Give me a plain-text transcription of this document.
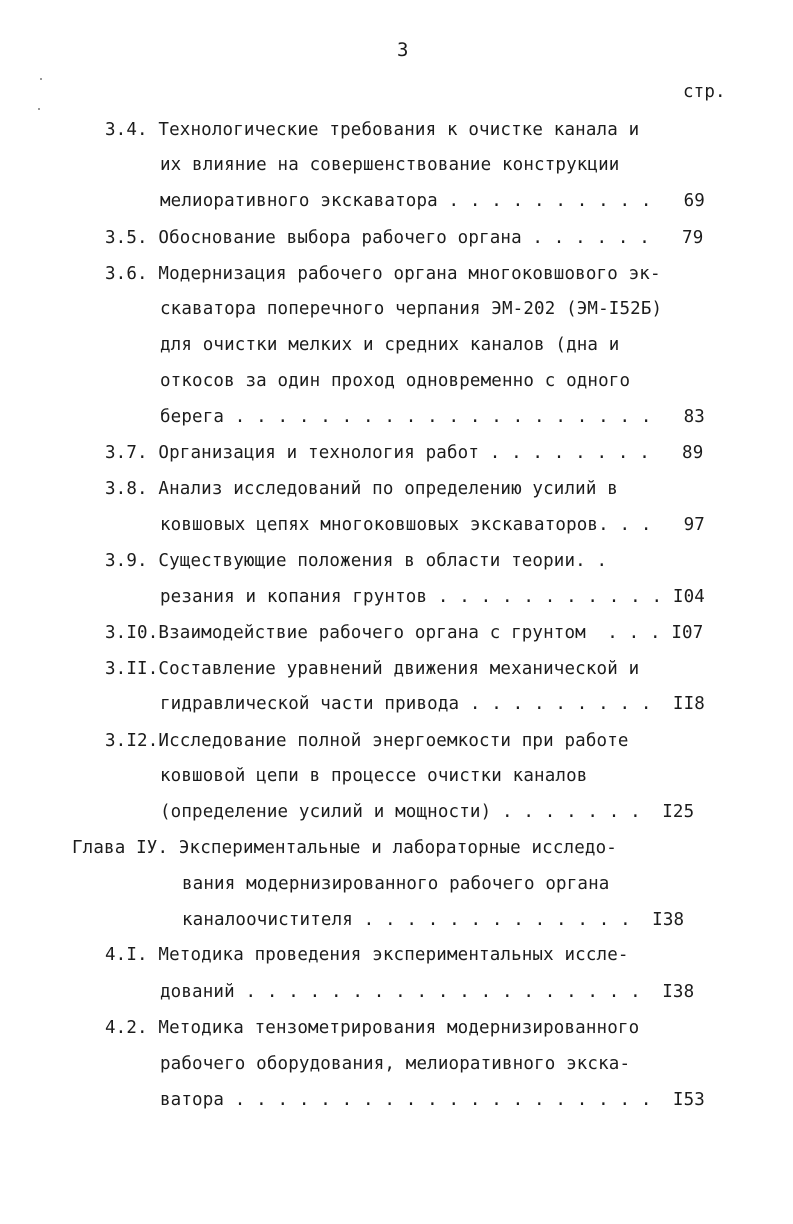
3

стр.

3.4. Технологические требования к очистке канала и

их влияние на совершенствование конструкции

мелиоративного экскаватора . . . . . . . . . .   69

3.5. Обоснование выбора рабочего органа . . . . . .   79

3.6. Модернизация рабочего органа многоковшового эк-

скаватора поперечного черпания ЭМ-202 (ЭМ-I52Б)

для очистки мелких и средних каналов (дна и

откосов за один проход одновременно с одного

берега . . . . . . . . . . . . . . . . . . . .   83

3.7. Организация и технология работ . . . . . . . .   89

3.8. Анализ исследований по определению усилий в

ковшовых цепях многоковшовых экскаваторов. . .   97

3.9. Существующие положения в области теории. .

резания и копания грунтов . . . . . . . . . . . I04

3.I0.Взаимодействие рабочего органа с грунтом  . . . I07

3.II.Составление уравнений движения механической и

гидравлической части привода . . . . . . . . .  II8

3.I2.Исследование полной энергоемкости при работе

ковшовой цепи в процессе очистки каналов

(определение усилий и мощности) . . . . . . .  I25

Глава IУ. Экспериментальные и лабораторные исследо-

вания модернизированного рабочего органа

каналоочистителя . . . . . . . . . . . . .  I38

4.I. Методика проведения экспериментальных иссле-

дований . . . . . . . . . . . . . . . . . . .  I38

4.2. Методика тензометрирования модернизированного

рабочего оборудования, мелиоративного экска-

ватора . . . . . . . . . . . . . . . . . . . .  I53
